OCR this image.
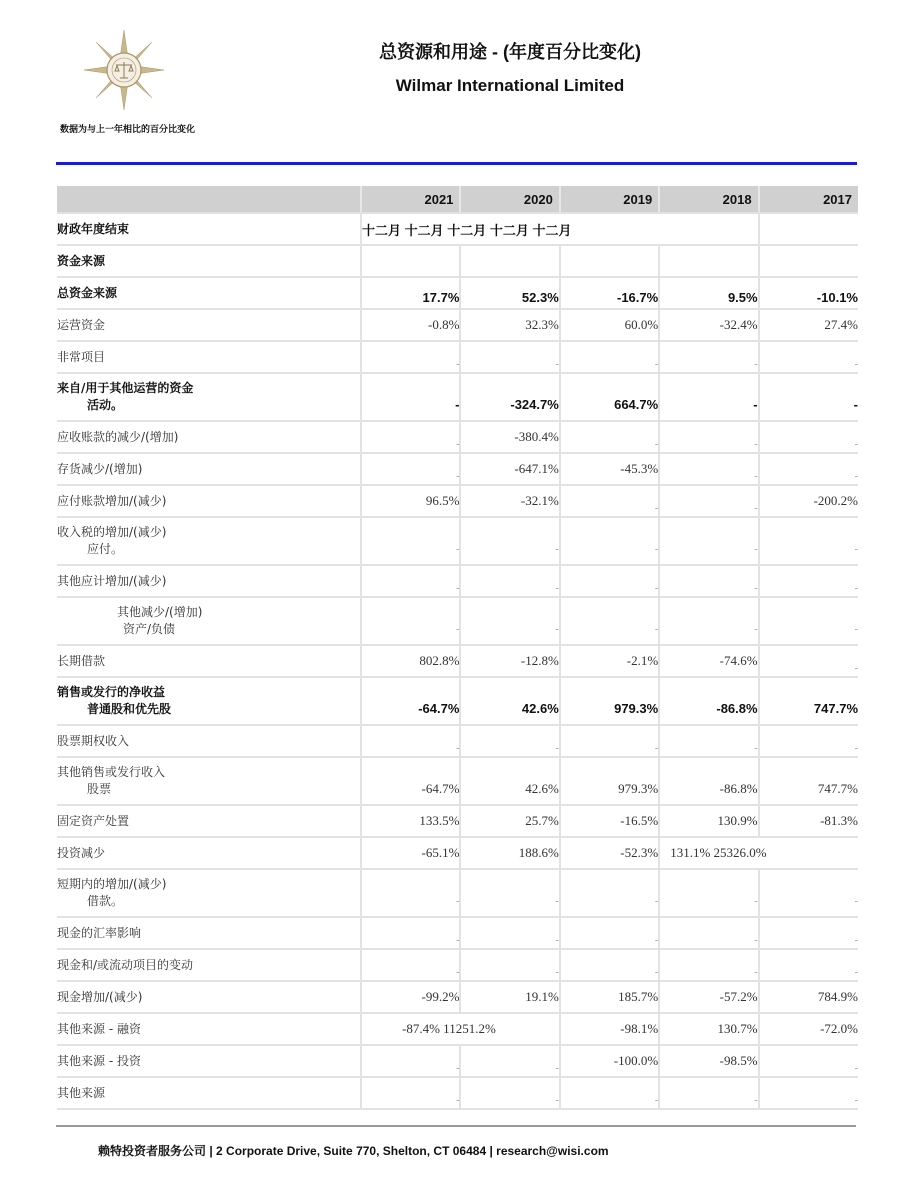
总资源和用途 - (年度百分比变化)
Wilmar International Limited
数据为与上一年相比的百分比变化
	2021	2020	2019	2018	2017
财政年度结束	十二月 十二月 十二月 十二月 十二月				

资金来源					

总资金来源	17.7%	52.3%	-16.7%	9.5%	-10.1%

运营资金	-0.8%	32.3%	60.0%	-32.4%	27.4%

非常项目	-	-	-	-	-
来自/用于其他运营的资金
活动。	-	-324.7%	664.7%	-	-

应收账款的减少/(增加)	-	-380.4%	-	-	-

存货减少/(增加)	-	-647.1%	-45.3%	-	-

应付账款增加/(减少)	96.5%	-32.1%	-	-	-200.2%
收入税的增加/(减少)
应付。	-	-	-	-	-

其他应计增加/(减少)	-	-	-	-	-

其他减少/(增加)
资产/负债	-	-	-	-	-

长期借款	802.8%	-12.8%	-2.1%	-74.6%	-
销售或发行的净收益
普通股和优先股	-64.7%	42.6%	979.3%	-86.8%	747.7%

股票期权收入	-	-	-	-	-
其他销售或发行收入
股票	-64.7%	42.6%	979.3%	-86.8%	747.7%

固定资产处置	133.5%	25.7%	-16.5%	130.9%	-81.3%

投资减少	-65.1%	188.6%	-52.3%	131.1% 25326.0%	
短期内的增加/(减少)
借款。	-	-	-	-	-

现金的汇率影响	-	-	-	-	-

现金和/或流动项目的变动	-	-	-	-	-

现金增加/(减少)	-99.2%	19.1%	185.7%	-57.2%	784.9%

其他来源 - 融资	-87.4% 11251.2%		-98.1%	130.7%	-72.0%

其他来源 - 投资	-	-	-100.0%	-98.5%	-

其他来源	-	-	-	-	-
赖特投资者服务公司 | 2 Corporate Drive, Suite 770, Shelton, CT 06484 | research@wisi.com
